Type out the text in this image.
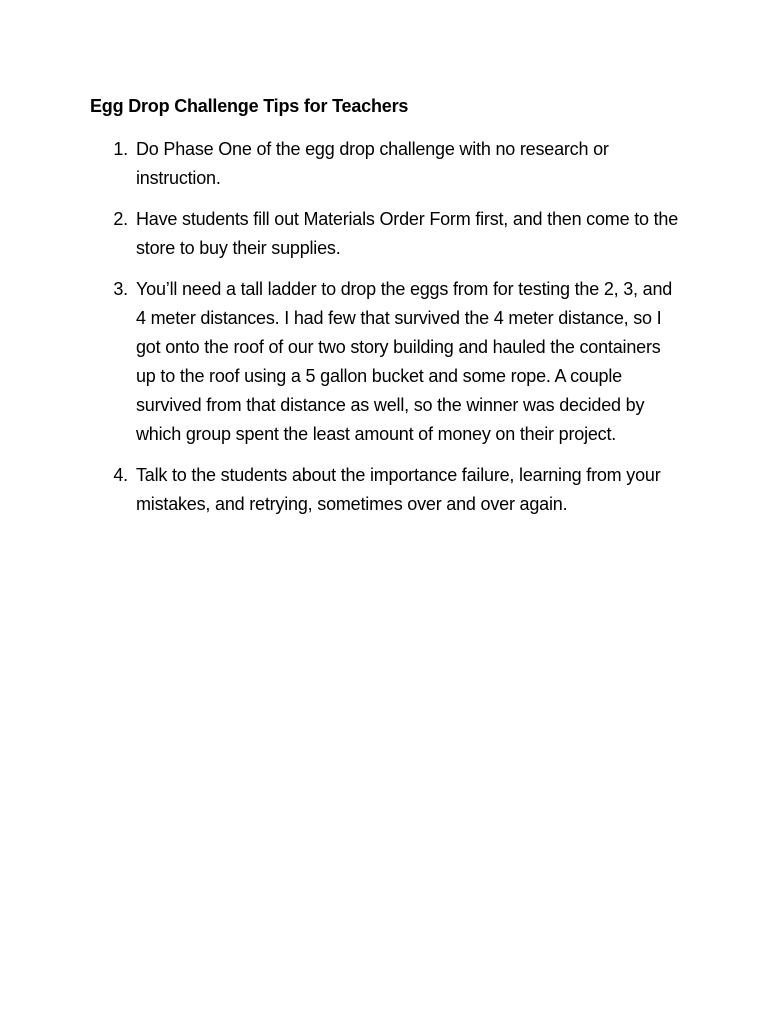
Egg Drop Challenge Tips for Teachers
1. Do Phase One of the egg drop challenge with no research or instruction.
2. Have students fill out Materials Order Form first, and then come to the store to buy their supplies.
3. You’ll need a tall ladder to drop the eggs from for testing the 2, 3, and 4 meter distances. I had few that survived the 4 meter distance, so I got onto the roof of our two story building and hauled the containers up to the roof using a 5 gallon bucket and some rope. A couple survived from that distance as well, so the winner was decided by which group spent the least amount of money on their project.
4. Talk to the students about the importance failure, learning from your mistakes, and retrying, sometimes over and over again.
